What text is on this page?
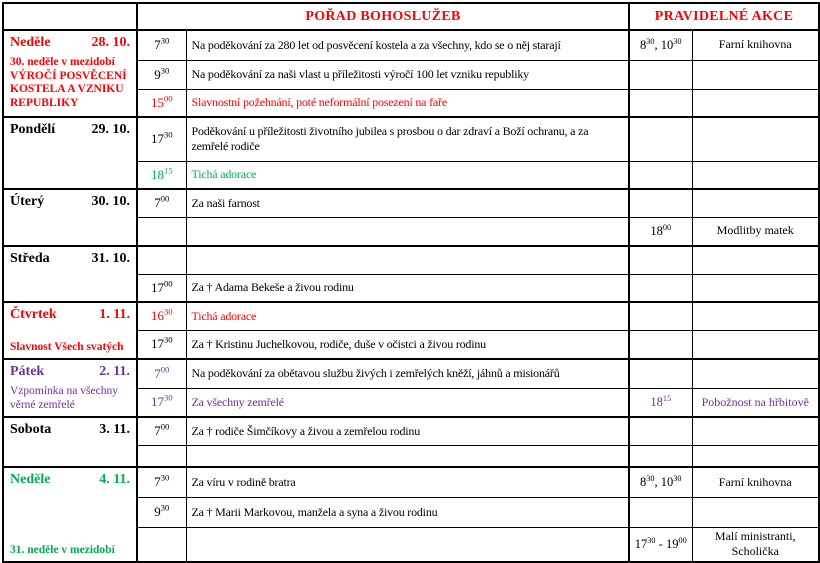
	POŘAD BOHOSLUŽEB		PRAVIDELNÉ AKCE	

Neděle 28. 10.
30. neděle v mezidobí
VÝROČÍ POSVĚCENÍ KOSTELA A VZNIKU REPUBLIKY	$7^{30}$	Na poděkování za 280 let od posvěcení kostela a za všechny, kdo se o něj starají	$8^{30}$, $10^{30}$	Farní knihovna
	$9^{30}$	Na poděkování za naši vlast u příležitosti výročí 100 let vzniku republiky		
	$15^{00}$	Slavnostní požehnání, poté neformální posezení na faře		

Pondělí 29. 10.	$17^{30}$	Poděkování u příležitosti životního jubilea s prosbou o dar zdraví a Boží ochranu, a za zemřelé rodiče		
	$18^{15}$	Tichá adorace		

Úterý 30. 10.	$7^{00}$	Za naši farnost		
			$18^{00}$	Modlitby matek

Středa 31. 10.				

	$17^{00}$	Za † Adama Bekeše a živou rodinu		

Čtvrtek 1. 11.
Slavnost Všech svatých	$16^{30}$	Tichá adorace		
	$17^{30}$	Za † Kristinu Juchelkovou, rodiče, duše v očistci a živou rodinu		

Pátek 2. 11.
Vzpomínka na všechny věrné zemřelé	$7^{00}$	Na poděkování za obětavou službu živých i zemřelých kněží, jáhnů a misionářů		
	$17^{30}$	Za všechny zemřelé	$18^{15}$	Pobožnost na hřbitově

Sobota 3. 11.	$7^{00}$	Za † rodiče Šimčíkovy a živou a zemřelou rodinu		

Neděle 4. 11.
31. neděle v mezidobí	$7^{30}$	Za víru v rodině bratra	$8^{30}$, $10^{30}$	Farní knihovna
	$9^{30}$	Za † Marii Markovou, manžela a syna a živou rodinu		
			$17^{30} - 19^{00}$	Malí ministranti, Scholička
